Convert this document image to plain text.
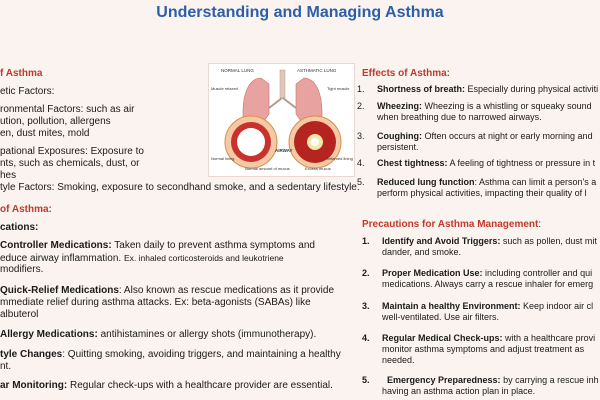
Understanding and Managing Asthma
f Asthma
etic Factors:
ronmental Factors: such as air
ution, pollution, allergens
en, dust mites, mold
pational Exposures: Exposure to
nts, such as chemicals, dust, or
hes
tyle Factors: Smoking, exposure to secondhand smoke, and a sedentary lifestyle.
of Asthma:
cations:
Controller Medications: Taken daily to prevent asthma symptoms and
educe airway inflammation. Ex. inhaled corticosteroids and leukotriene
modifiers.
Quick-Relief Medications: Also known as rescue medications as it provide
mmediate relief during asthma attacks. Ex: beta-agonists (SABAs) like
albuterol
Allergy Medications: antihistamines or allergy shots (immunotherapy).
tyle Changes: Quitting smoking, avoiding triggers, and maintaining a healthy
nt.
ar Monitoring: Regular check-ups with a healthcare provider are essential.
NORMAL LUNG	ASTHMATIC LUNG
Muscle relaxed	Tight muscle
Normal lining
AIRWAY
Normal amount of mucus	Excess mucus
Inflamed lining
Effects of Asthma:
1. Shortness of breath: Especially during physical activiti
2. Wheezing: Wheezing is a whistling or squeaky sound
when breathing due to narrowed airways.
3. Coughing: Often occurs at night or early morning and
persistent.
4. Chest tightness: A feeling of tightness or pressure in t
5. Reduced lung function: Asthma can limit a person's a
perform physical activities, impacting their quality of l
Precautions for Asthma Management:
1. Identify and Avoid Triggers: such as pollen, dust mit
dander, and smoke.
2. Proper Medication Use: including controller and qui
medications. Always carry a rescue inhaler for emerg
3. Maintain a healthy Environment: Keep indoor air cl
well-ventilated. Use air filters.
4. Regular Medical Check-ups: with a healthcare provi
monitor asthma symptoms and adjust treatment as
needed.
5. Emergency Preparedness: by carrying a rescue inh
having an asthma action plan in place.
